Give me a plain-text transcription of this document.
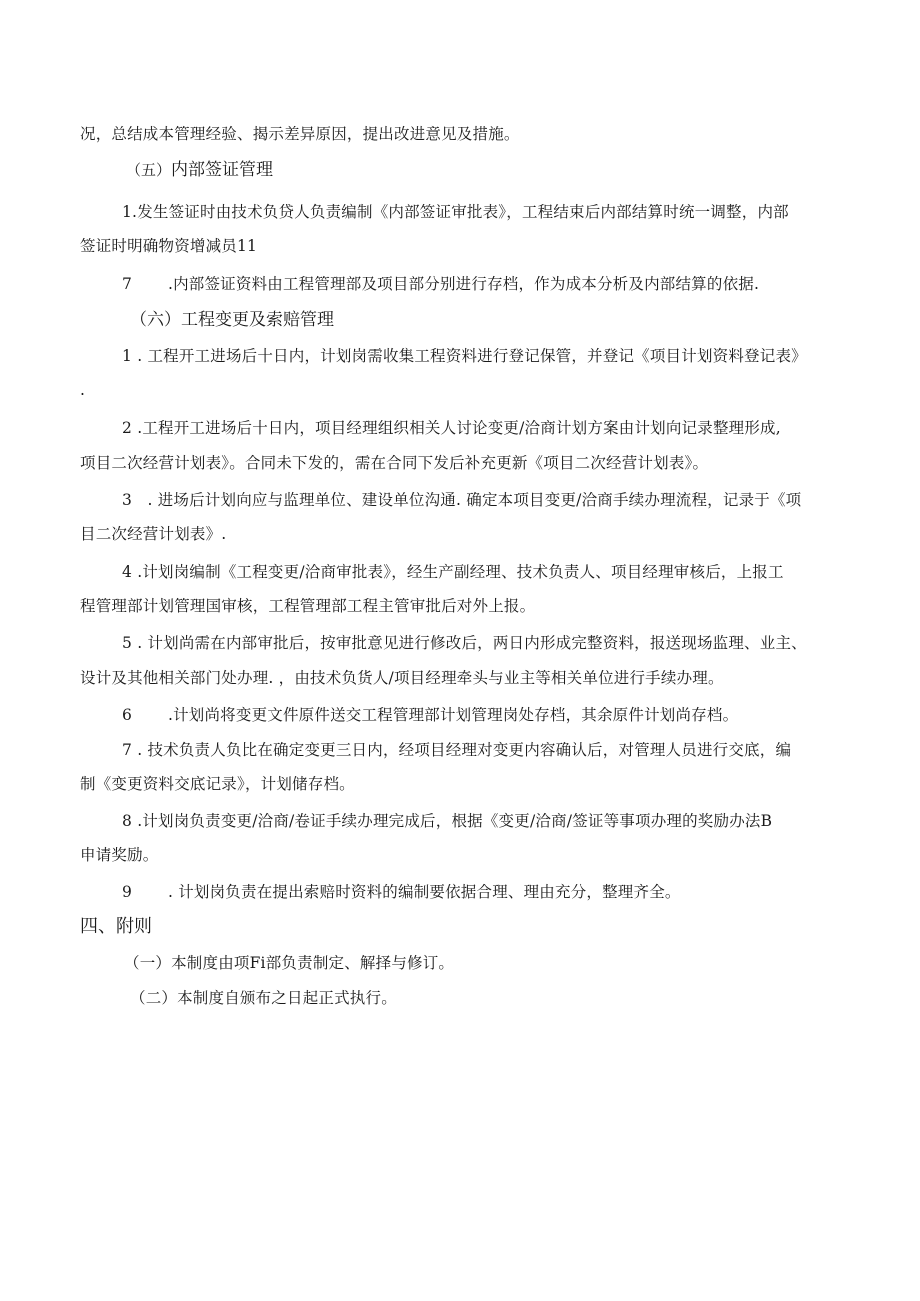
况，总结成本管理经验、揭示差异原因，提出改进意见及措施。
（五）内部签证管理
1.发生签证时由技术负贷人负责编制《内部签证审批表》，工程结束后内部结算时统一调整，内部
签证时明确物资增减员11
7       .内部签证资料由工程管理部及项目部分别进行存档，作为成本分析及内部结算的依据.
（六）工程变更及索赔管理
1 . 工程开工进场后十日内，计划岗需收集工程资料进行登记保管，并登记《项目计划资料登记表》
.
2 .工程开工进场后十日内，项目经理组织相关人讨论变更/洽商计划方案由计划向记录整理形成,
项目二次经营计划表》。合同未下发的，需在合同下发后补充更新《项目二次经营计划表》。
3   . 进场后计划向应与监理单位、建设单位沟通. 确定本项目变更/洽商手续办理流程，记录于《项
目二次经营计划表》.
4 .计划岗编制《工程变更/洽商审批表》，经生产副经理、技术负责人、项目经理审核后，上报工
程管理部计划管理国审核，工程管理部工程主管审批后对外上报。
5 . 计划尚需在内部审批后，按审批意见进行修改后，两日内形成完整资料，报送现场监理、业主、
设计及其他相关部门处办理. ，由技术负货人/项目经理牵头与业主等相关单位进行手续办理。
6       .计划尚将变更文件原件送交工程管理部计划管理岗处存档，其余原件计划尚存档。
7 . 技术负责人负比在确定变更三日内，经项目经理对变更内容确认后，对管理人员进行交底，编
制《变更资料交底记录》，计划储存档。
8 .计划岗负责变更/洽商/卷证手续办理完成后，根据《变更/洽商/签证等事项办理的奖励办法B
申请奖励。
9       . 计划岗负责在提出索赔时资料的编制要依据合理、理由充分，整理齐全。
四、附则
（一）本制度由项Fi部负责制定、解择与修订。
（二）本制度自颁布之日起正式执行。
